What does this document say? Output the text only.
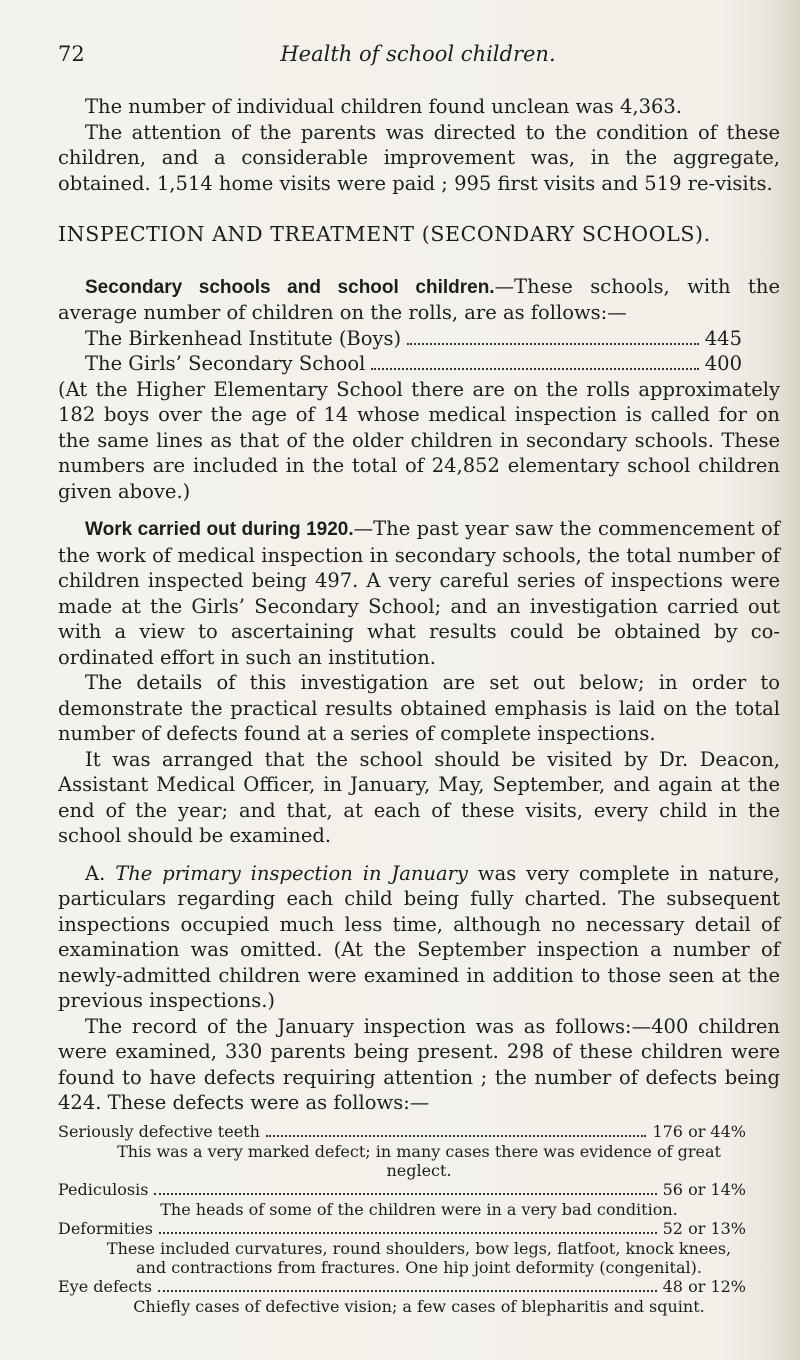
72	Health of school children.

The number of individual children found unclean was 4,363.

The attention of the parents was directed to the condition of these children, and a considerable improvement was, in the aggregate, obtained. 1,514 home visits were paid ; 995 first visits and 519 re-visits.

INSPECTION AND TREATMENT (SECONDARY SCHOOLS).

Secondary schools and school children.—These schools, with the average number of children on the rolls, are as follows:—

The Birkenhead Institute (Boys)	445
The Girls’ Secondary School	400

(At the Higher Elementary School there are on the rolls approximately 182 boys over the age of 14 whose medical inspection is called for on the same lines as that of the older children in secondary schools. These numbers are included in the total of 24,852 elementary school children given above.)

Work carried out during 1920.—The past year saw the commencement of the work of medical inspection in secondary schools, the total number of children inspected being 497. A very careful series of inspections were made at the Girls’ Secondary School; and an investigation carried out with a view to ascertaining what results could be obtained by co-ordinated effort in such an institution.

The details of this investigation are set out below; in order to demonstrate the practical results obtained emphasis is laid on the total number of defects found at a series of complete inspections.

It was arranged that the school should be visited by Dr. Deacon, Assistant Medical Officer, in January, May, September, and again at the end of the year; and that, at each of these visits, every child in the school should be examined.

A. The primary inspection in January was very complete in nature, particulars regarding each child being fully charted. The subsequent inspections occupied much less time, although no necessary detail of examination was omitted. (At the September inspection a number of newly-admitted children were examined in addition to those seen at the previous inspections.)

The record of the January inspection was as follows:—400 children were examined, 330 parents being present. 298 of these children were found to have defects requiring attention ; the number of defects being 424. These defects were as follows:—

Seriously defective teeth	176 or 44%
This was a very marked defect; in many cases there was evidence of great neglect.
Pediculosis	56 or 14%
The heads of some of the children were in a very bad condition.
Deformities	52 or 13%
These included curvatures, round shoulders, bow legs, flatfoot, knock knees, and contractions from fractures. One hip joint deformity (congenital).
Eye defects	48 or 12%
Chiefly cases of defective vision; a few cases of blepharitis and squint.
